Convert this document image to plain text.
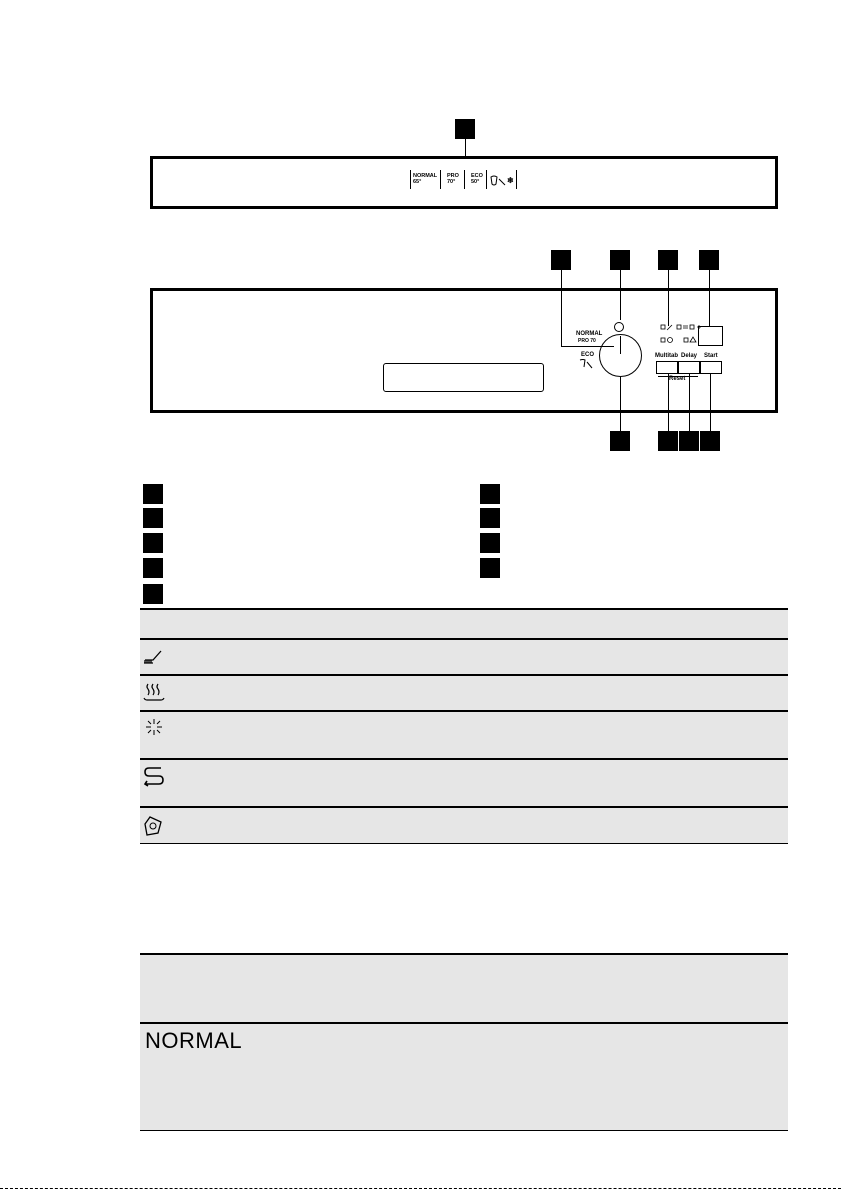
NORMAL
65°
PRO
70°
ECO
50°	❄
NORMAL
PRO 70
ECO	Multitab Delay Start
Reset
NORMAL
